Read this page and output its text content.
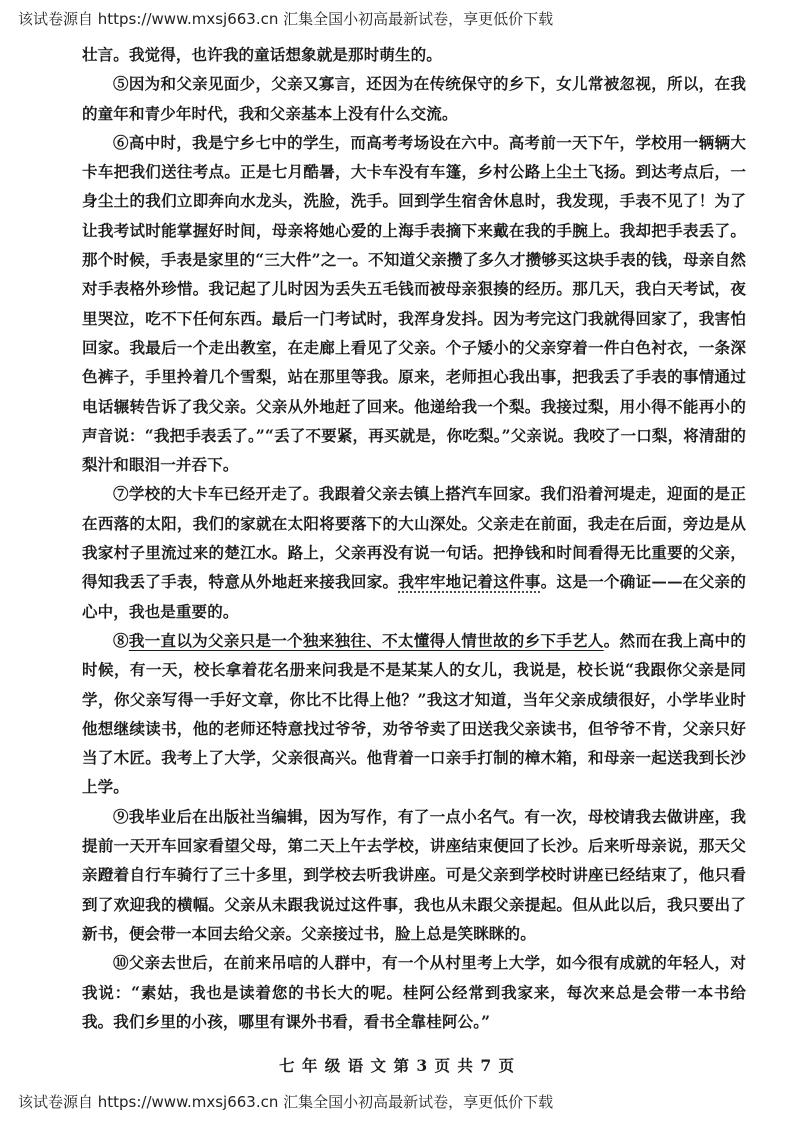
该试卷源自 https://www.mxsj663.cn 汇集全国小初高最新试卷，享更低价下载

壮言。我觉得，也许我的童话想象就是那时萌生的。

⑤因为和父亲见面少，父亲又寡言，还因为在传统保守的乡下，女儿常被忽视，所以，在我的童年和青少年时代，我和父亲基本上没有什么交流。

⑥高中时，我是宁乡七中的学生，而高考考场设在六中。高考前一天下午，学校用一辆辆大卡车把我们送往考点。正是七月酷暑，大卡车没有车篷，乡村公路上尘土飞扬。到达考点后，一身尘土的我们立即奔向水龙头，洗脸，洗手。回到学生宿舍休息时，我发现，手表不见了！为了让我考试时能掌握好时间，母亲将她心爱的上海手表摘下来戴在我的手腕上。我却把手表丢了。那个时候，手表是家里的“三大件”之一。不知道父亲攒了多久才攒够买这块手表的钱，母亲自然对手表格外珍惜。我记起了儿时因为丢失五毛钱而被母亲狠揍的经历。那几天，我白天考试，夜里哭泣，吃不下任何东西。最后一门考试时，我浑身发抖。因为考完这门我就得回家了，我害怕回家。我最后一个走出教室，在走廊上看见了父亲。个子矮小的父亲穿着一件白色衬衣，一条深色裤子，手里拎着几个雪梨，站在那里等我。原来，老师担心我出事，把我丢了手表的事情通过电话辗转告诉了我父亲。父亲从外地赶了回来。他递给我一个梨。我接过梨，用小得不能再小的声音说：“我把手表丢了。”“丢了不要紧，再买就是，你吃梨。”父亲说。我咬了一口梨，将清甜的梨汁和眼泪一并吞下。

⑦学校的大卡车已经开走了。我跟着父亲去镇上搭汽车回家。我们沿着河堤走，迎面的是正在西落的太阳，我们的家就在太阳将要落下的大山深处。父亲走在前面，我走在后面，旁边是从我家村子里流过来的楚江水。路上，父亲再没有说一句话。把挣钱和时间看得无比重要的父亲，得知我丢了手表，特意从外地赶来接我回家。我牢牢地记着这件事。这是一个确证——在父亲的心中，我也是重要的。

⑧我一直以为父亲只是一个独来独往、不太懂得人情世故的乡下手艺人。然而在我上高中的时候，有一天，校长拿着花名册来问我是不是某某人的女儿，我说是，校长说“我跟你父亲是同学，你父亲写得一手好文章，你比不比得上他？”我这才知道，当年父亲成绩很好，小学毕业时他想继续读书，他的老师还特意找过爷爷，劝爷爷卖了田送我父亲读书，但爷爷不肯，父亲只好当了木匠。我考上了大学，父亲很高兴。他背着一口亲手打制的樟木箱，和母亲一起送我到长沙上学。

⑨我毕业后在出版社当编辑，因为写作，有了一点小名气。有一次，母校请我去做讲座，我提前一天开车回家看望父母，第二天上午去学校，讲座结束便回了长沙。后来听母亲说，那天父亲蹬着自行车骑行了三十多里，到学校去听我讲座。可是父亲到学校时讲座已经结束了，他只看到了欢迎我的横幅。父亲从未跟我说过这件事，我也从未跟父亲提起。但从此以后，我只要出了新书，便会带一本回去给父亲。父亲接过书，脸上总是笑眯眯的。

⑩父亲去世后，在前来吊唁的人群中，有一个从村里考上大学，如今很有成就的年轻人，对我说：“素姑，我也是读着您的书长大的呢。桂阿公经常到我家来，每次来总是会带一本书给我。我们乡里的小孩，哪里有课外书看，看书全靠桂阿公。”

七 年 级 语 文 第 3 页 共 7 页
该试卷源自 https://www.mxsj663.cn 汇集全国小初高最新试卷，享更低价下载
